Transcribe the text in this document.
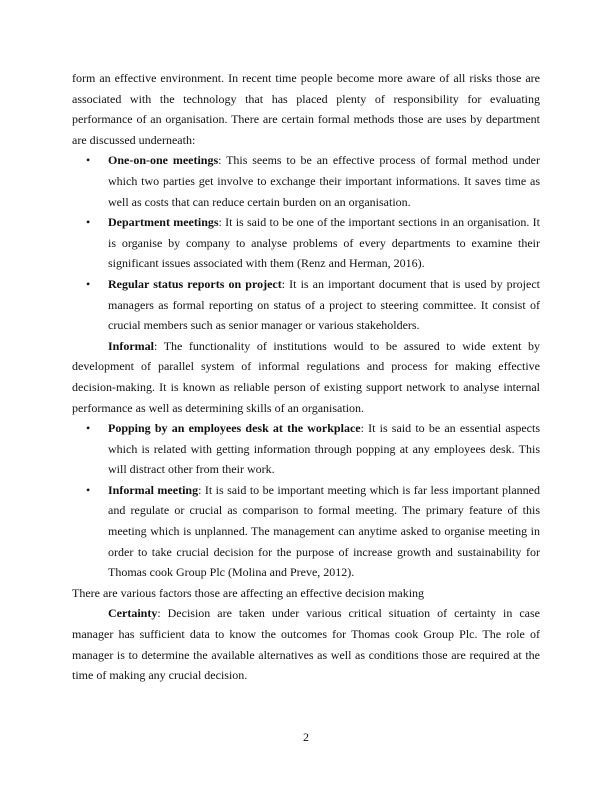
form an effective environment. In recent time people become more aware of all risks those are associated with the technology that has placed plenty of responsibility for evaluating performance of an organisation. There are certain formal methods those are uses by department are discussed underneath:

• One-on-one meetings: This seems to be an effective process of formal method under which two parties get involve to exchange their important informations. It saves time as well as costs that can reduce certain burden on an organisation.
• Department meetings: It is said to be one of the important sections in an organisation. It is organise by company to analyse problems of every departments to examine their significant issues associated with them (Renz and Herman, 2016).
• Regular status reports on project: It is an important document that is used by project managers as formal reporting on status of a project to steering committee. It consist of crucial members such as senior manager or various stakeholders.

Informal: The functionality of institutions would to be assured to wide extent by development of parallel system of informal regulations and process for making effective decision-making. It is known as reliable person of existing support network to analyse internal performance as well as determining skills of an organisation.

• Popping by an employees desk at the workplace: It is said to be an essential aspects which is related with getting information through popping at any employees desk. This will distract other from their work.
• Informal meeting: It is said to be important meeting which is far less important planned and regulate or crucial as comparison to formal meeting. The primary feature of this meeting which is unplanned. The management can anytime asked to organise meeting in order to take crucial decision for the purpose of increase growth and sustainability for Thomas cook Group Plc (Molina and Preve, 2012).

There are various factors those are affecting an effective decision making

Certainty: Decision are taken under various critical situation of certainty in case manager has sufficient data to know the outcomes for Thomas cook Group Plc. The role of manager is to determine the available alternatives as well as conditions those are required at the time of making any crucial decision.

2
